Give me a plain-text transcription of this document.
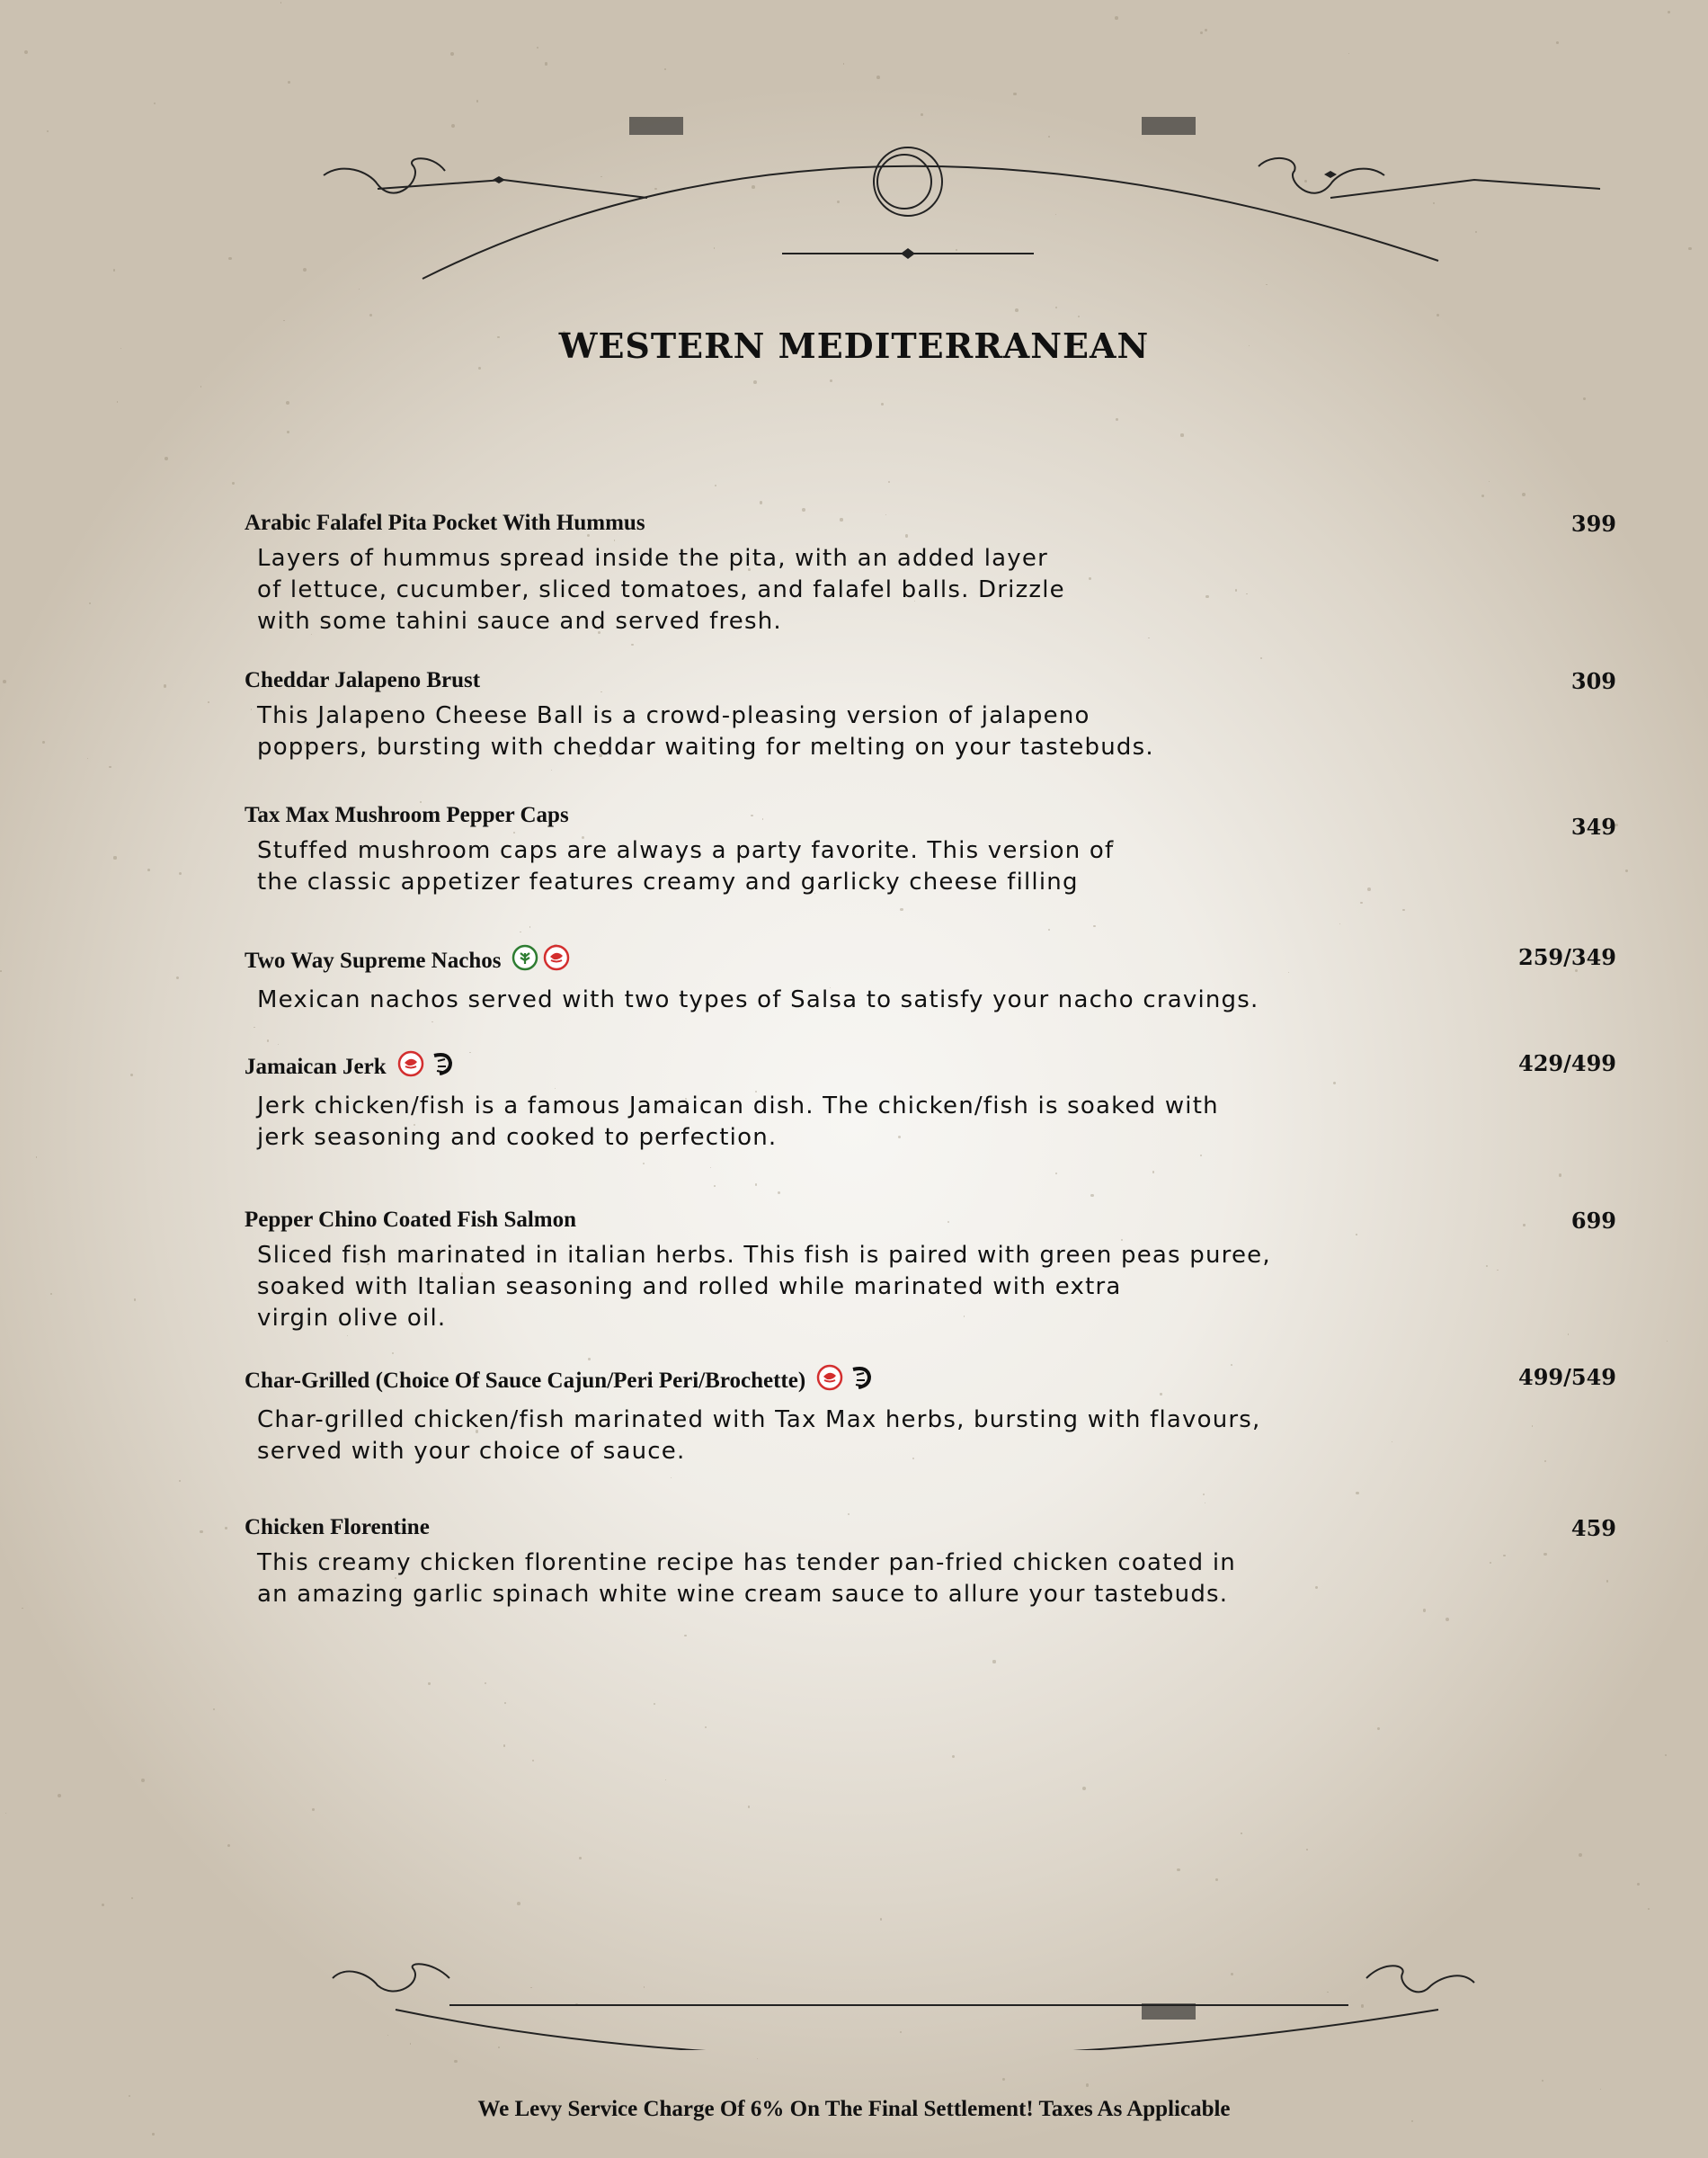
WESTERN MEDITERRANEAN
Arabic Falafel Pita Pocket With Hummus	399
Layers of hummus spread inside the pita, with an added layer
of lettuce, cucumber, sliced tomatoes, and falafel balls. Drizzle
with some tahini sauce and served fresh.
Cheddar Jalapeno Brust	309
This Jalapeno Cheese Ball is a crowd-pleasing version of jalapeno
poppers, bursting with cheddar waiting for melting on your tastebuds.
Tax Max Mushroom Pepper Caps	349
Stuffed mushroom caps are always a party favorite. This version of
the classic appetizer features creamy and garlicky cheese filling
Two Way Supreme Nachos	259/349
Mexican nachos served with two types of Salsa to satisfy your nacho cravings.
Jamaican Jerk	429/499
Jerk chicken/fish is a famous Jamaican dish. The chicken/fish is soaked with
jerk seasoning and cooked to perfection.
Pepper Chino Coated Fish Salmon	699
Sliced fish marinated in italian herbs. This fish is paired with green peas puree,
soaked with Italian seasoning and rolled while marinated with extra
virgin olive oil.
Char-Grilled (Choice Of Sauce Cajun/Peri Peri/Brochette)	499/549
Char-grilled chicken/fish marinated with Tax Max herbs, bursting with flavours,
served with your choice of sauce.
Chicken Florentine	459
This creamy chicken florentine recipe has tender pan-fried chicken coated in
an amazing garlic spinach white wine cream sauce to allure your tastebuds.
We Levy Service Charge Of 6% On The Final Settlement! Taxes As Applicable
